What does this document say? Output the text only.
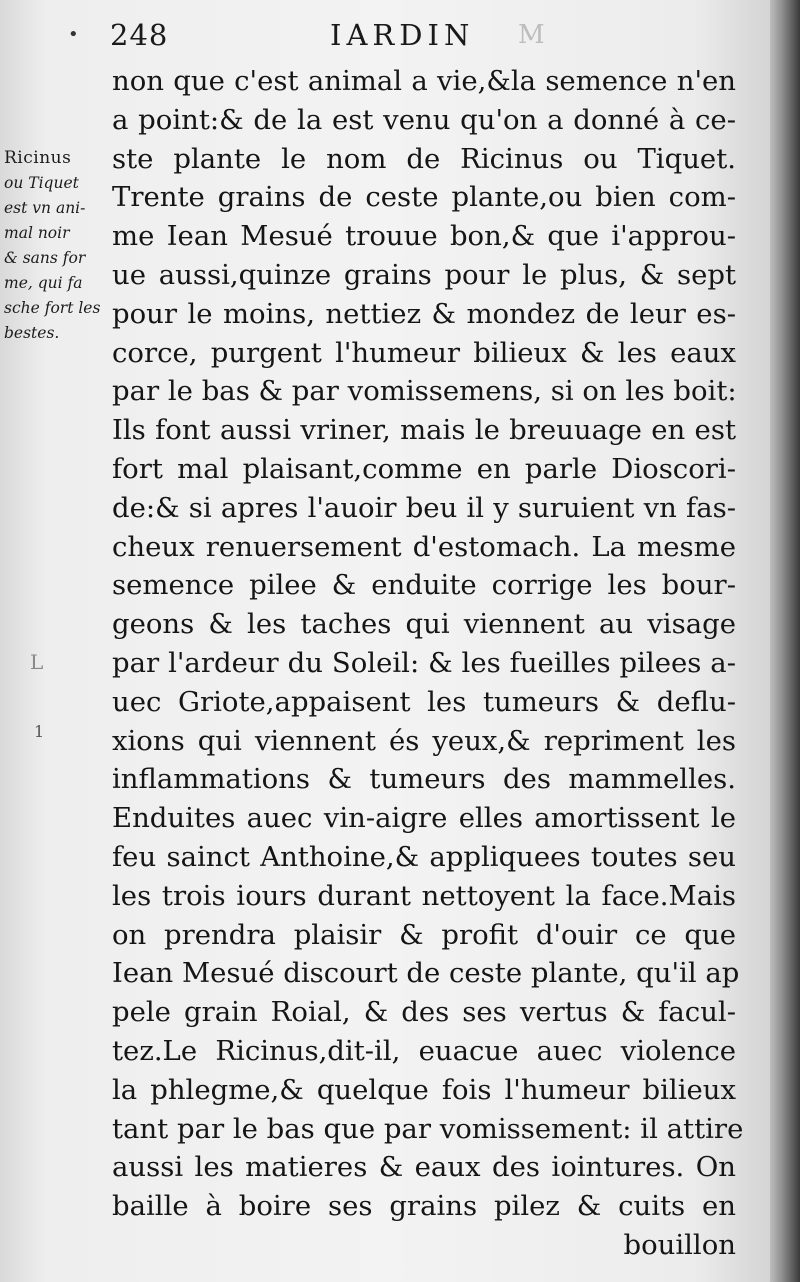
• 248	IARDIN M
Ricinus
ou Tiquet
est vn ani-
mal noir
& sans for
me, qui fa
sche fort les
bestes.
L
1
non que c'est animal a vie,&la semence n'en
a point:& de la est venu qu'on a donné à ce-
ste plante le nom de Ricinus ou Tiquet.
Trente grains de ceste plante,ou bien com-
me Iean Mesué trouue bon,& que i'approu-
ue aussi,quinze grains pour le plus, & sept
pour le moins, nettiez & mondez de leur es-
corce, purgent l'humeur bilieux & les eaux
par le bas & par vomissemens, si on les boit:
Ils font aussi vriner, mais le breuuage en est
fort mal plaisant,comme en parle Dioscori-
de:& si apres l'auoir beu il y suruient vn fas-
cheux renuersement d'estomach. La mesme
semence pilee & enduite corrige les bour-
geons & les taches qui viennent au visage
par l'ardeur du Soleil: & les fueilles pilees a-
uec Griote,appaisent les tumeurs & deflu-
xions qui viennent és yeux,& repriment les
inflammations & tumeurs des mammelles.
Enduites auec vin-aigre elles amortissent le
feu sainct Anthoine,& appliquees toutes seu
les trois iours durant nettoyent la face.Mais
on prendra plaisir & profit d'ouir ce que
Iean Mesué discourt de ceste plante, qu'il ap
pele grain Roial, & des ses vertus & facul-
tez.Le Ricinus,dit-il, euacue auec violence
la phlegme,& quelque fois l'humeur bilieux
tant par le bas que par vomissement: il attire
aussi les matieres & eaux des iointures. On
baille à boire ses grains pilez & cuits en
bouillon
